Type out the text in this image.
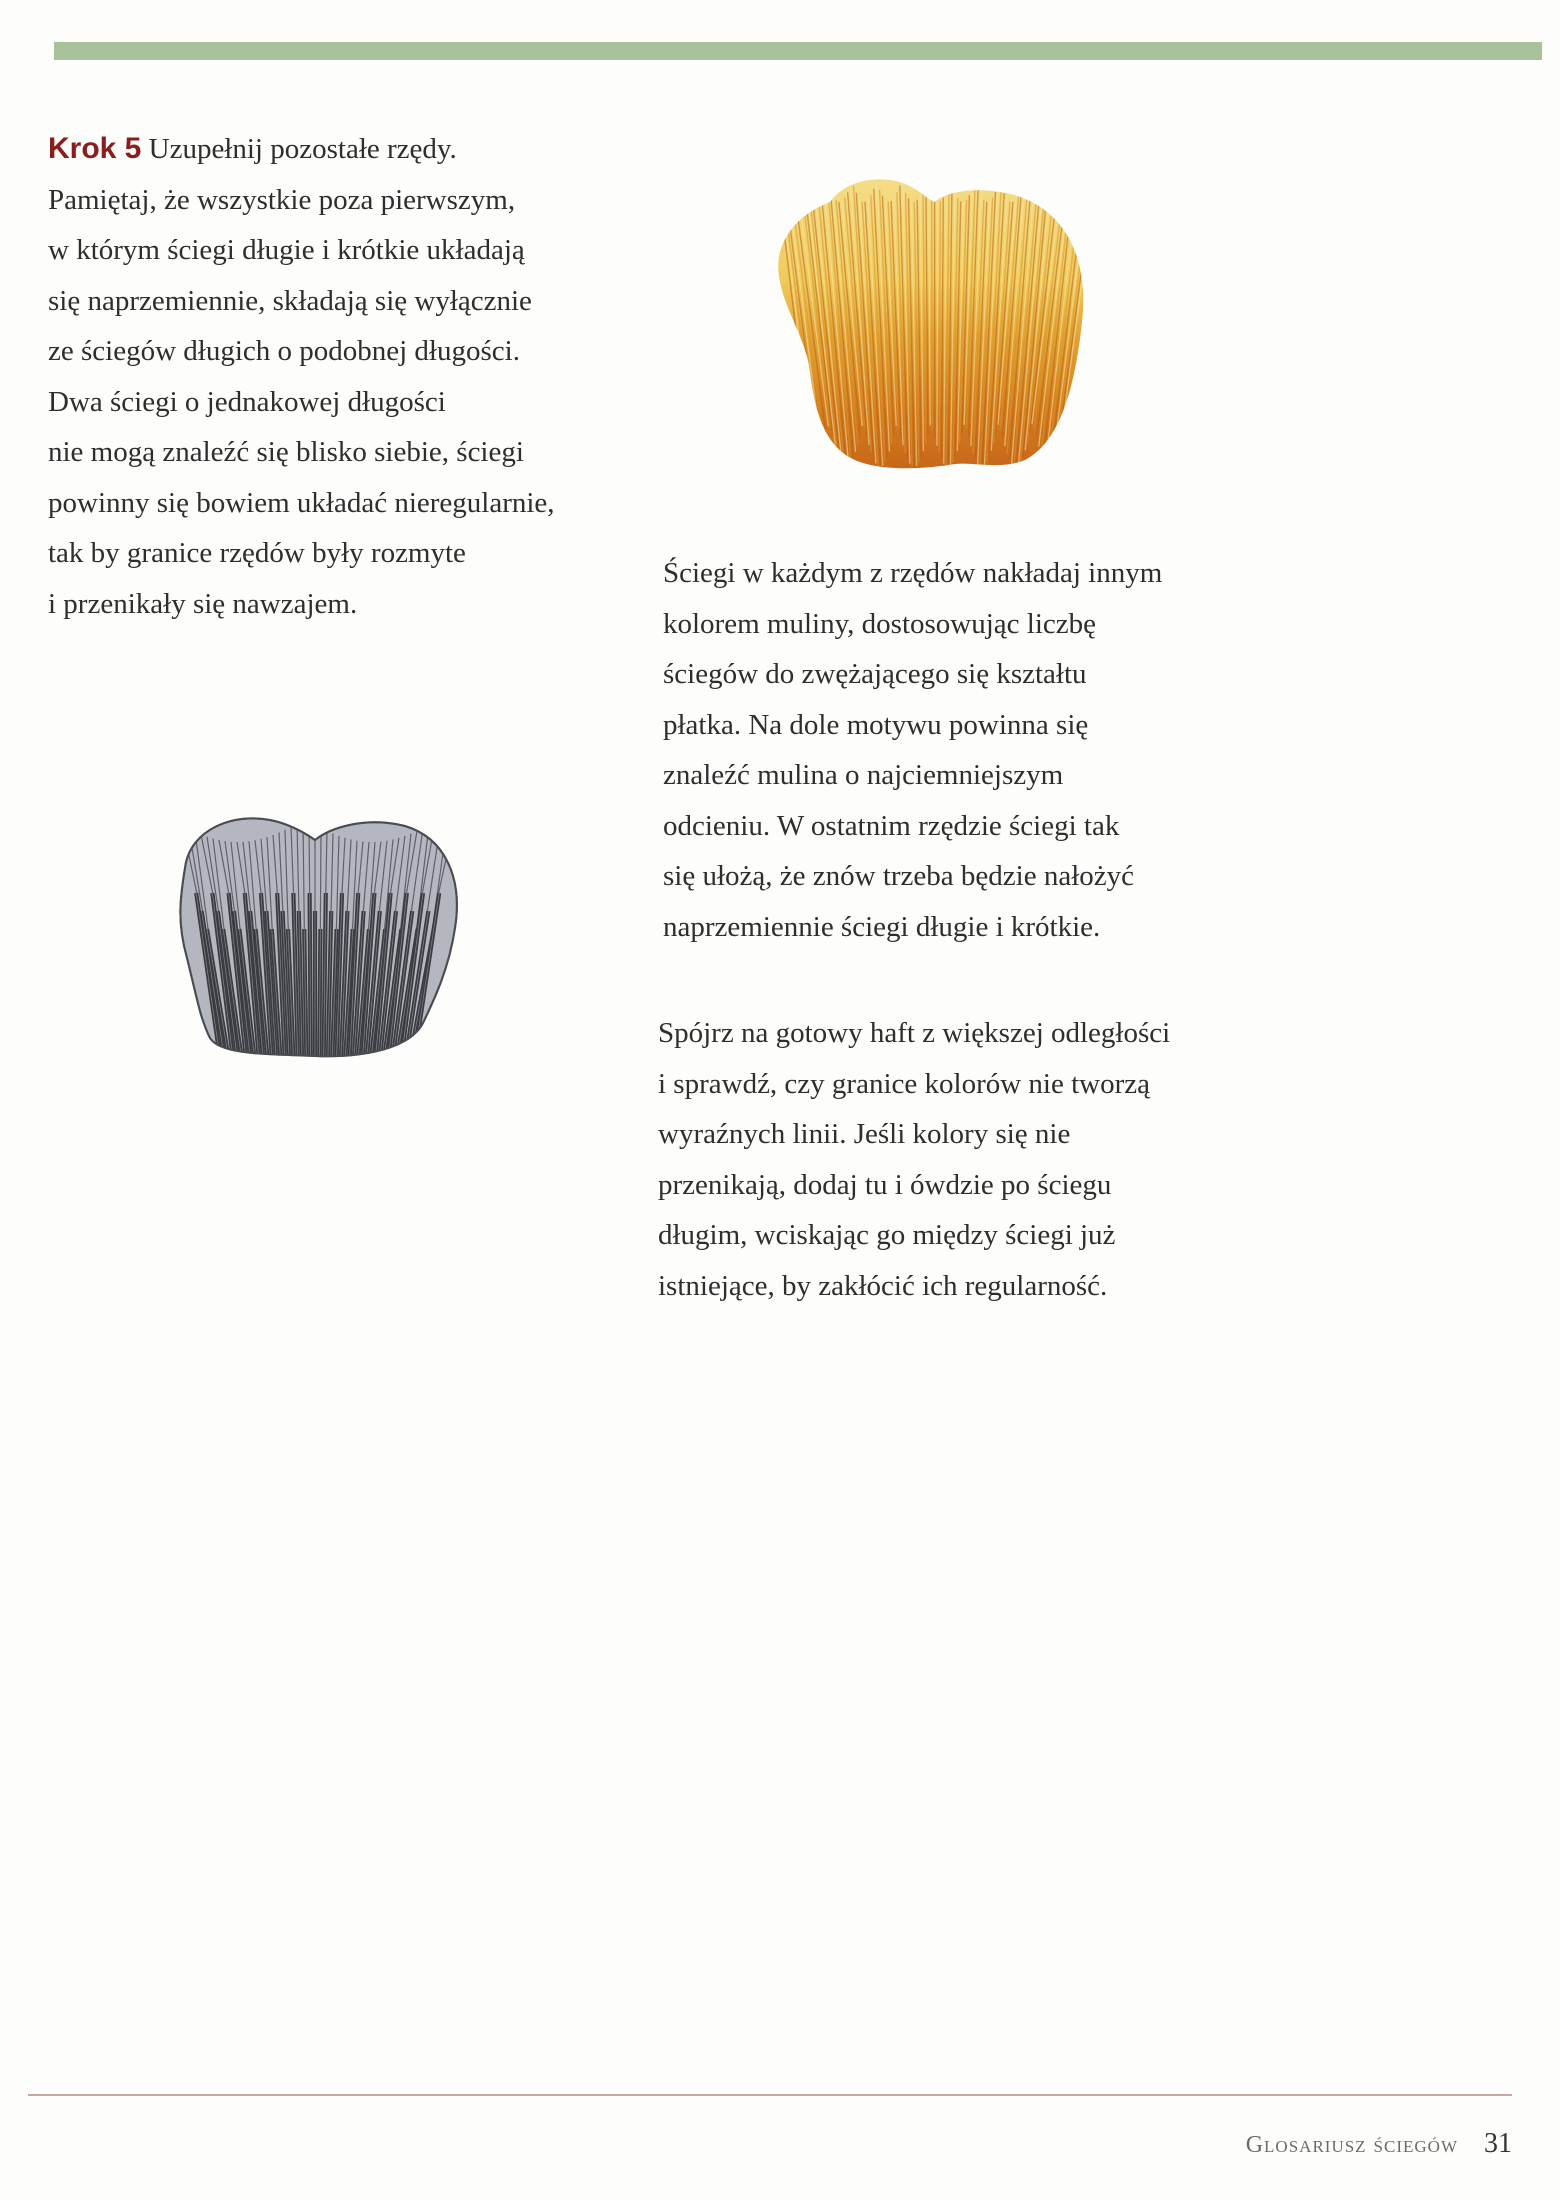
Krok 5 Uzupełnij pozostałe rzędy.
Pamiętaj, że wszystkie poza pierwszym,
w którym ściegi długie i krótkie układają
się naprzemiennie, składają się wyłącznie
ze ściegów długich o podobnej długości.
Dwa ściegi o jednakowej długości
nie mogą znaleźć się blisko siebie, ściegi
powinny się bowiem układać nieregularnie,
tak by granice rzędów były rozmyte
i przenikały się nawzajem.
Ściegi w każdym z rzędów nakładaj innym
kolorem muliny, dostosowując liczbę
ściegów do zwężającego się kształtu
płatka. Na dole motywu powinna się
znaleźć mulina o najciemniejszym
odcieniu. W ostatnim rzędzie ściegi tak
się ułożą, że znów trzeba będzie nałożyć
naprzemiennie ściegi długie i krótkie.
Spójrz na gotowy haft z większej odległości
i sprawdź, czy granice kolorów nie tworzą
wyraźnych linii. Jeśli kolory się nie
przenikają, dodaj tu i ówdzie po ściegu
długim, wciskając go między ściegi już
istniejące, by zakłócić ich regularność.
Glosariusz ściegów 31
